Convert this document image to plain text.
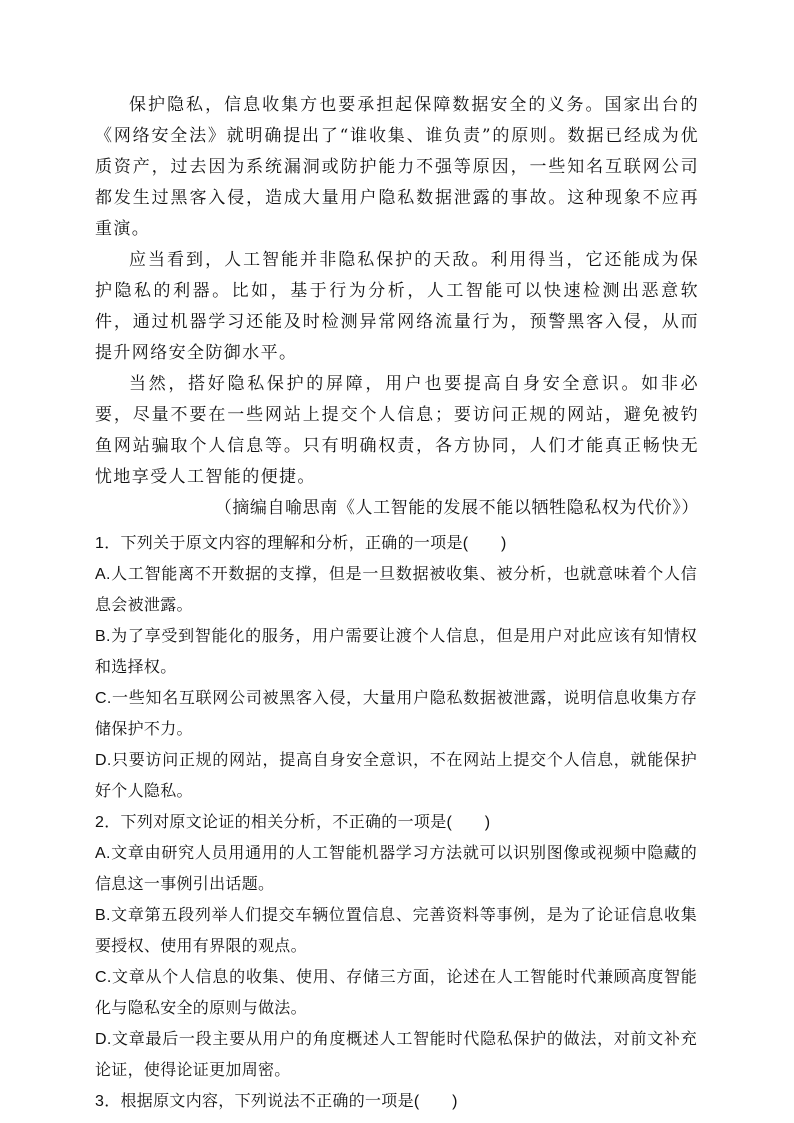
保护隐私，信息收集方也要承担起保障数据安全的义务。国家出台的《网络安全法》就明确提出了“谁收集、谁负责”的原则。数据已经成为优质资产，过去因为系统漏洞或防护能力不强等原因，一些知名互联网公司都发生过黑客入侵，造成大量用户隐私数据泄露的事故。这种现象不应再重演。

应当看到，人工智能并非隐私保护的天敌。利用得当，它还能成为保护隐私的利器。比如，基于行为分析，人工智能可以快速检测出恶意软件，通过机器学习还能及时检测异常网络流量行为，预警黑客入侵，从而提升网络安全防御水平。

当然，搭好隐私保护的屏障，用户也要提高自身安全意识。如非必要，尽量不要在一些网站上提交个人信息；要访问正规的网站，避免被钓鱼网站骗取个人信息等。只有明确权责，各方协同，人们才能真正畅快无忧地享受人工智能的便捷。

（摘编自喻思南《人工智能的发展不能以牺牲隐私权为代价》）

1．下列关于原文内容的理解和分析，正确的一项是(　　)

A.人工智能离不开数据的支撑，但是一旦数据被收集、被分析，也就意味着个人信息会被泄露。

B.为了享受到智能化的服务，用户需要让渡个人信息，但是用户对此应该有知情权和选择权。

C.一些知名互联网公司被黑客入侵，大量用户隐私数据被泄露，说明信息收集方存储保护不力。

D.只要访问正规的网站，提高自身安全意识，不在网站上提交个人信息，就能保护好个人隐私。

2．下列对原文论证的相关分析，不正确的一项是(　　)

A.文章由研究人员用通用的人工智能机器学习方法就可以识别图像或视频中隐藏的信息这一事例引出话题。

B.文章第五段列举人们提交车辆位置信息、完善资料等事例，是为了论证信息收集要授权、使用有界限的观点。

C.文章从个人信息的收集、使用、存储三方面，论述在人工智能时代兼顾高度智能化与隐私安全的原则与做法。

D.文章最后一段主要从用户的角度概述人工智能时代隐私保护的做法，对前文补充论证，使得论证更加周密。

3．根据原文内容，下列说法不正确的一项是(　　)
